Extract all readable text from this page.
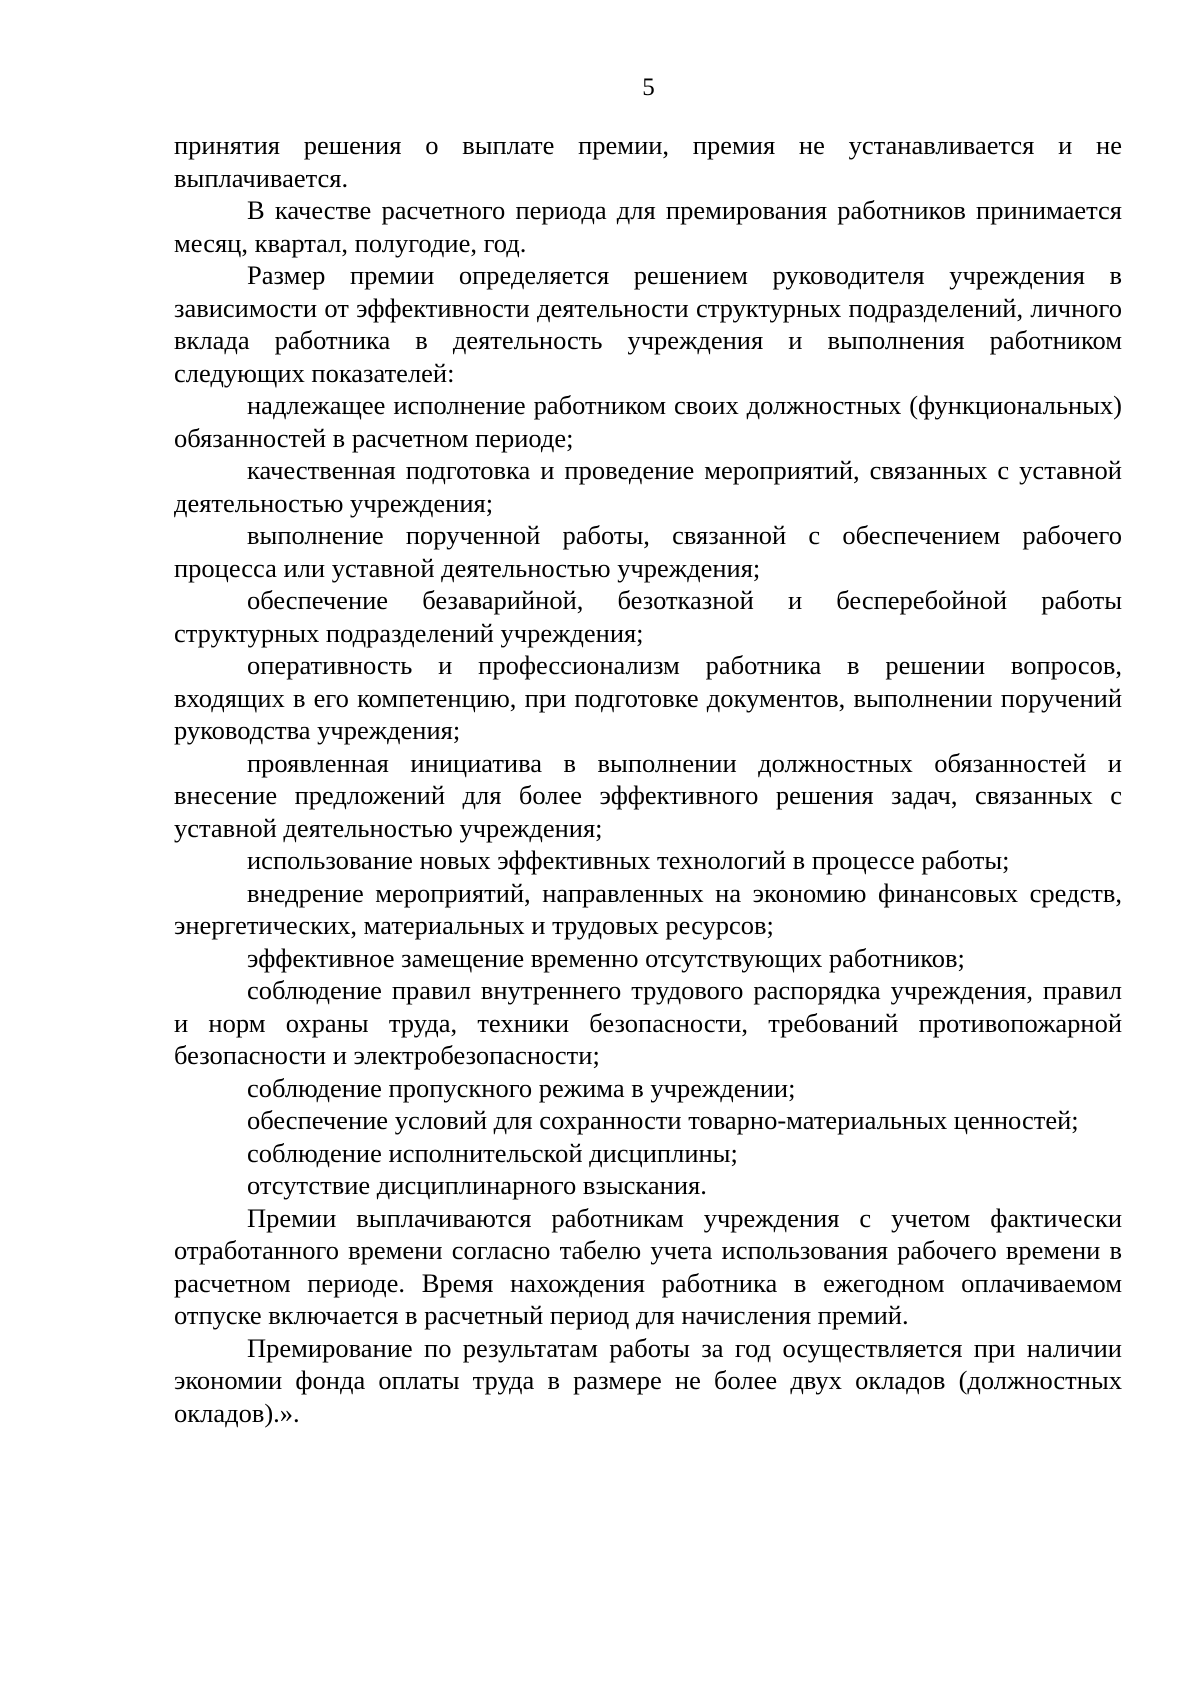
5

принятия решения о выплате премии, премия не устанавливается и не выплачивается.

В качестве расчетного периода для премирования работников принимается месяц, квартал, полугодие, год.

Размер премии определяется решением руководителя учреждения в зависимости от эффективности деятельности структурных подразделений, личного вклада работника в деятельность учреждения и выполнения работником следующих показателей:

надлежащее исполнение работником своих должностных (функциональных) обязанностей в расчетном периоде;

качественная подготовка и проведение мероприятий, связанных с уставной деятельностью учреждения;

выполнение порученной работы, связанной с обеспечением рабочего процесса или уставной деятельностью учреждения;

обеспечение безаварийной, безотказной и бесперебойной работы структурных подразделений учреждения;

оперативность и профессионализм работника в решении вопросов, входящих в его компетенцию, при подготовке документов, выполнении поручений руководства учреждения;

проявленная инициатива в выполнении должностных обязанностей и внесение предложений для более эффективного решения задач, связанных с уставной деятельностью учреждения;

использование новых эффективных технологий в процессе работы;

внедрение мероприятий, направленных на экономию финансовых средств, энергетических, материальных и трудовых ресурсов;

эффективное замещение временно отсутствующих работников;

соблюдение правил внутреннего трудового распорядка учреждения, правил и норм охраны труда, техники безопасности, требований противопожарной безопасности и электробезопасности;

соблюдение пропускного режима в учреждении;

обеспечение условий для сохранности товарно-материальных ценностей;

соблюдение исполнительской дисциплины;

отсутствие дисциплинарного взыскания.

Премии выплачиваются работникам учреждения с учетом фактически отработанного времени согласно табелю учета использования рабочего времени в расчетном периоде. Время нахождения работника в ежегодном оплачиваемом отпуске включается в расчетный период для начисления премий.

Премирование по результатам работы за год осуществляется при наличии экономии фонда оплаты труда в размере не более двух окладов (должностных окладов).».
